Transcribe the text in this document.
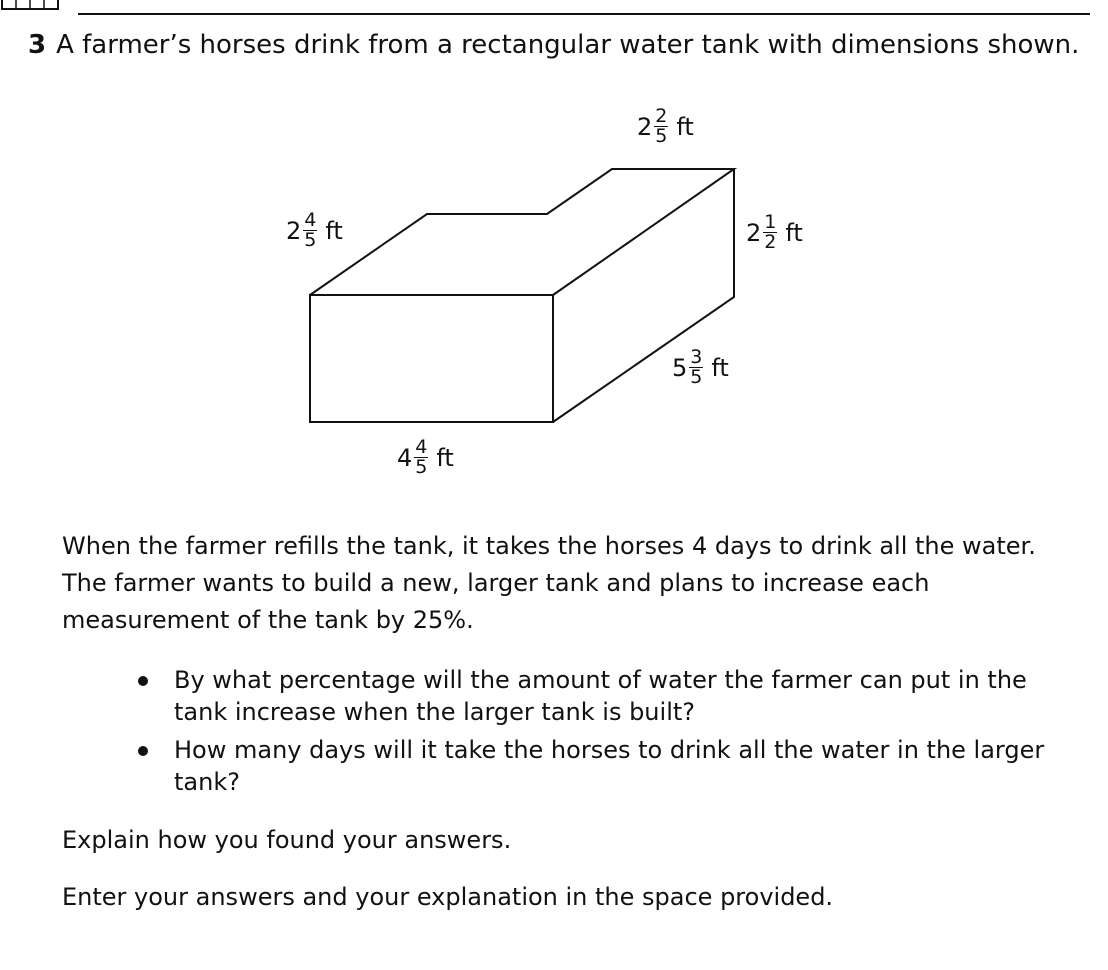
3 A farmer’s horses drink from a rectangular water tank with dimensions shown.
$2 \frac{2}{5}$ ft
$2 \frac{4}{5}$ ft	$2 \frac{1}{2}$ ft
$5 \frac{3}{5}$ ft
$4 \frac{4}{5}$ ft
When the farmer refills the tank, it takes the horses 4 days to drink all the water. The farmer wants to build a new, larger tank and plans to increase each measurement of the tank by 25%.
By what percentage will the amount of water the farmer can put in the tank increase when the larger tank is built?
How many days will it take the horses to drink all the water in the larger tank?
Explain how you found your answers.
Enter your answers and your explanation in the space provided.
